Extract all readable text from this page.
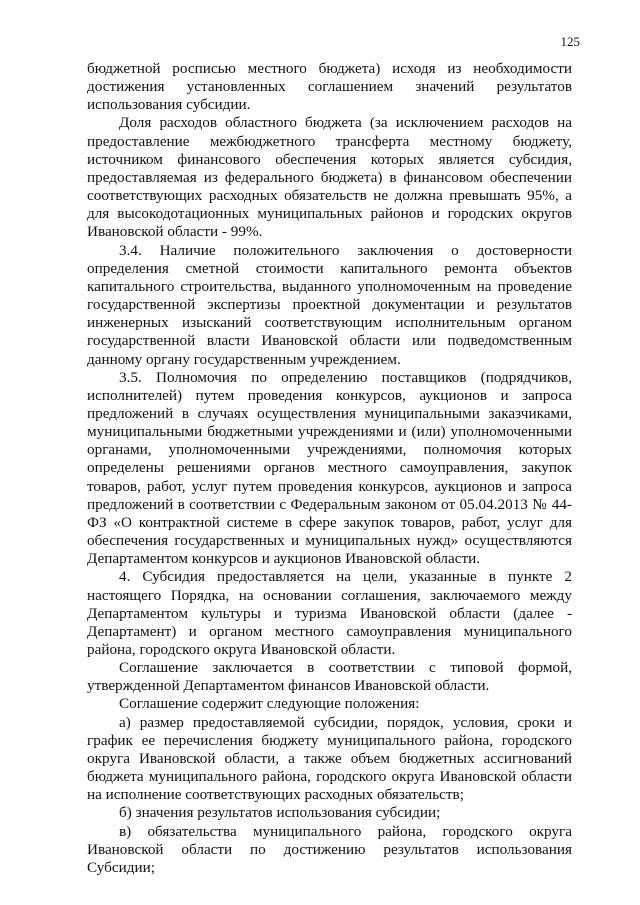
125

бюджетной росписью местного бюджета) исходя из необходимости достижения установленных соглашением значений результатов использования субсидии.

Доля расходов областного бюджета (за исключением расходов на предоставление межбюджетного трансферта местному бюджету, источником финансового обеспечения которых является субсидия, предоставляемая из федерального бюджета) в финансовом обеспечении соответствующих расходных обязательств не должна превышать 95%, а для высокодотационных муниципальных районов и городских округов Ивановской области - 99%.

3.4. Наличие положительного заключения о достоверности определения сметной стоимости капитального ремонта объектов капитального строительства, выданного уполномоченным на проведение государственной экспертизы проектной документации и результатов инженерных изысканий соответствующим исполнительным органом государственной власти Ивановской области или подведомственным данному органу государственным учреждением.

3.5. Полномочия по определению поставщиков (подрядчиков, исполнителей) путем проведения конкурсов, аукционов и запроса предложений в случаях осуществления муниципальными заказчиками, муниципальными бюджетными учреждениями и (или) уполномоченными органами, уполномоченными учреждениями, полномочия которых определены решениями органов местного самоуправления, закупок товаров, работ, услуг путем проведения конкурсов, аукционов и запроса предложений в соответствии с Федеральным законом от 05.04.2013 № 44-ФЗ «О контрактной системе в сфере закупок товаров, работ, услуг для обеспечения государственных и муниципальных нужд» осуществляются Департаментом конкурсов и аукционов Ивановской области.

4. Субсидия предоставляется на цели, указанные в пункте 2 настоящего Порядка, на основании соглашения, заключаемого между Департаментом культуры и туризма Ивановской области (далее - Департамент) и органом местного самоуправления муниципального района, городского округа Ивановской области.

Соглашение заключается в соответствии с типовой формой, утвержденной Департаментом финансов Ивановской области.

Соглашение содержит следующие положения:

а) размер предоставляемой субсидии, порядок, условия, сроки и график ее перечисления бюджету муниципального района, городского округа Ивановской области, а также объем бюджетных ассигнований бюджета муниципального района, городского округа Ивановской области на исполнение соответствующих расходных обязательств;

б) значения результатов использования субсидии;

в) обязательства муниципального района, городского округа Ивановской области по достижению результатов использования Субсидии;
